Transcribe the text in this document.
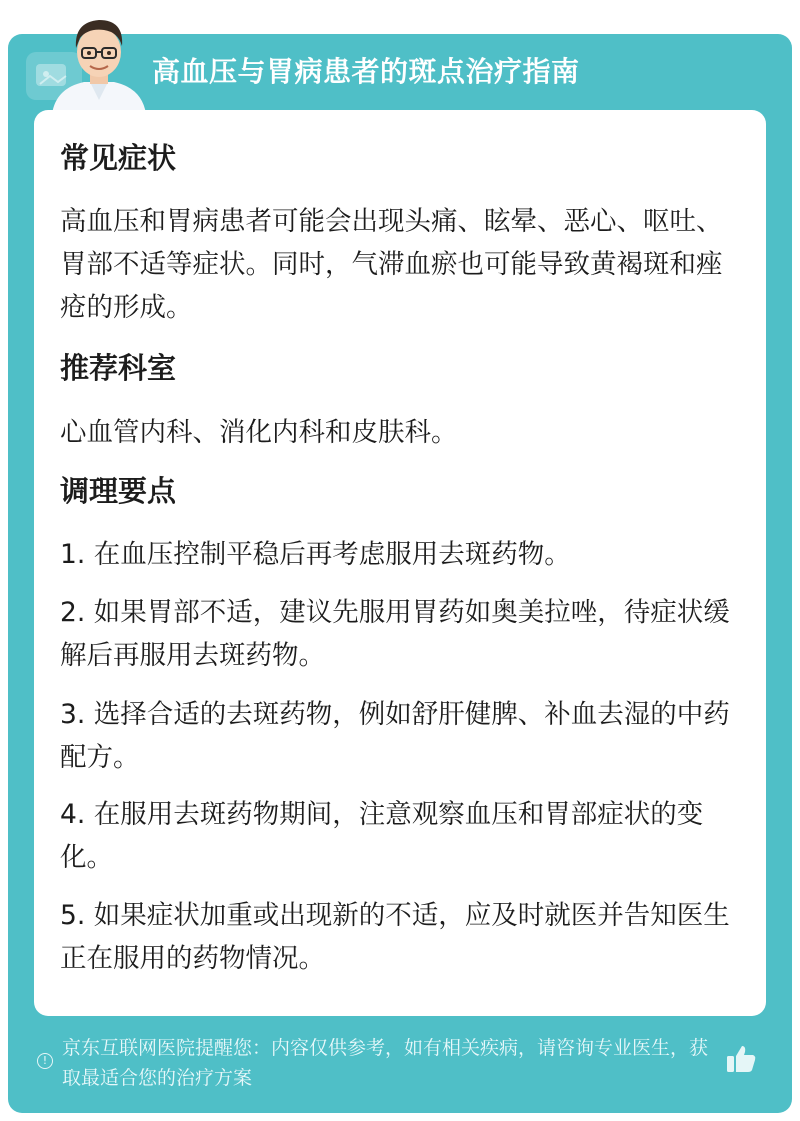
高血压与胃病患者的斑点治疗指南
常见症状
高血压和胃病患者可能会出现头痛、眩晕、恶心、呕吐、胃部不适等症状。同时，气滞血瘀也可能导致黄褐斑和痤疮的形成。
推荐科室
心血管内科、消化内科和皮肤科。
调理要点
1. 在血压控制平稳后再考虑服用去斑药物。
2. 如果胃部不适，建议先服用胃药如奥美拉唑，待症状缓解后再服用去斑药物。
3. 选择合适的去斑药物，例如舒肝健脾、补血去湿的中药配方。
4. 在服用去斑药物期间，注意观察血压和胃部症状的变化。
5. 如果症状加重或出现新的不适，应及时就医并告知医生正在服用的药物情况。
!
京东互联网医院提醒您：内容仅供参考，如有相关疾病，请咨询专业医生，获取最适合您的治疗方案
